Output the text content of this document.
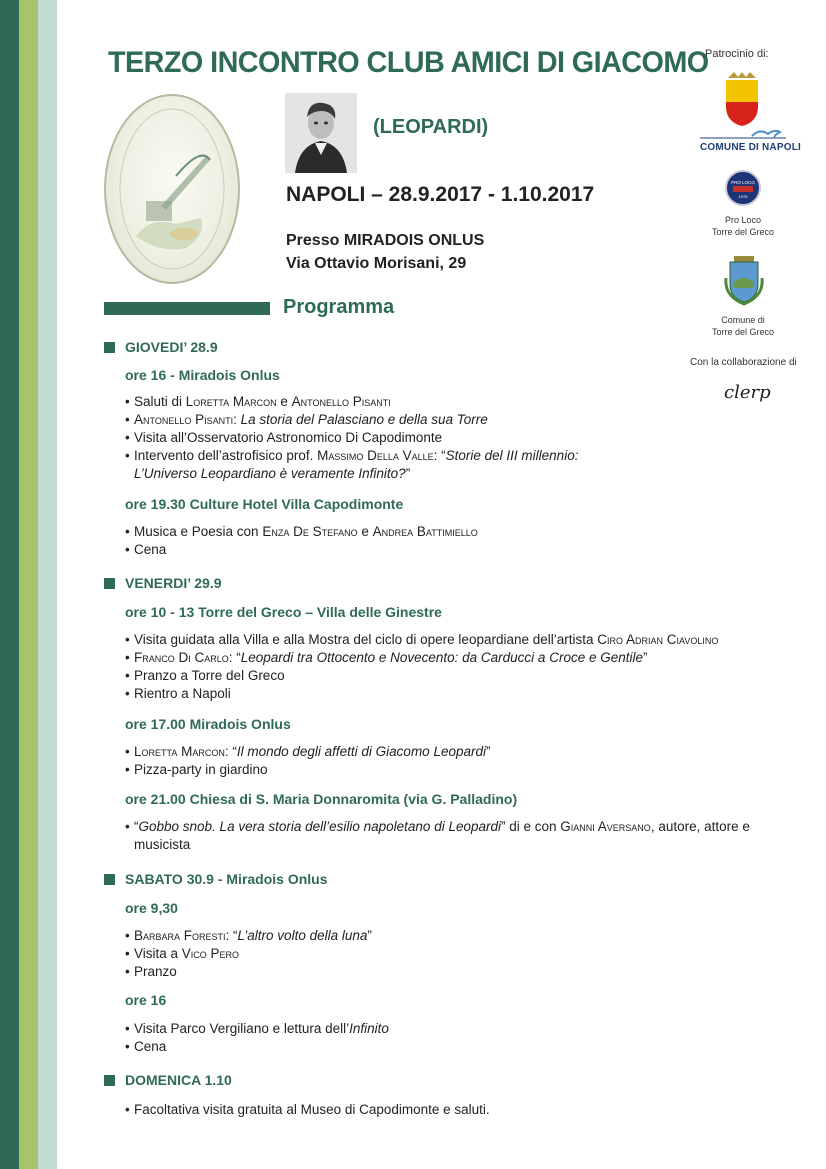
TERZO INCONTRO CLUB AMICI DI GIACOMO
(LEOPARDI)
NAPOLI – 28.9.2017 - 1.10.2017
Presso MIRADOIS ONLUS
Via Ottavio Morisani, 29
Programma
Patrocinio di:
COMUNE DI NAPOLI
PRO LOCO
1978
Pro Loco
Torre del Greco
Comune di
Torre del Greco
Con la collaborazione di
clerp
GIOVEDI’ 28.9
ore 16 - Miradois Onlus
• Saluti di Loretta Marcon e Antonello Pisanti
• Antonello Pisanti: La storia del Palasciano e della sua Torre
• Visita all’Osservatorio Astronomico Di Capodimonte
• Intervento dell’astrofisico prof. Massimo Della Valle: “Storie del III millennio:
L’Universo Leopardiano è veramente Infinito?”
ore 19.30 Culture Hotel Villa Capodimonte
• Musica e Poesia con Enza De Stefano e Andrea Battimiello
• Cena
VENERDI’ 29.9
ore 10 - 13 Torre del Greco – Villa delle Ginestre
• Visita guidata alla Villa e alla Mostra del ciclo di opere leopardiane dell’artista Ciro Adrian Ciavolino
• Franco Di Carlo: “Leopardi tra Ottocento e Novecento: da Carducci a Croce e Gentile”
• Pranzo a Torre del Greco
• Rientro a Napoli
ore 17.00 Miradois Onlus
• Loretta Marcon: “Il mondo degli affetti di Giacomo Leopardi”
• Pizza-party in giardino
ore 21.00 Chiesa di S. Maria Donnaromita (via G. Palladino)
• “Gobbo snob. La vera storia dell’esilio napoletano di Leopardi” di e con Gianni Aversano, autore, attore e musicista
SABATO 30.9 - Miradois Onlus
ore 9,30
• Barbara Foresti: “L’altro volto della luna”
• Visita a Vico Pero
• Pranzo
ore 16
• Visita Parco Vergiliano e lettura dell’Infinito
• Cena
DOMENICA 1.10
• Facoltativa visita gratuita al Museo di Capodimonte e saluti.
